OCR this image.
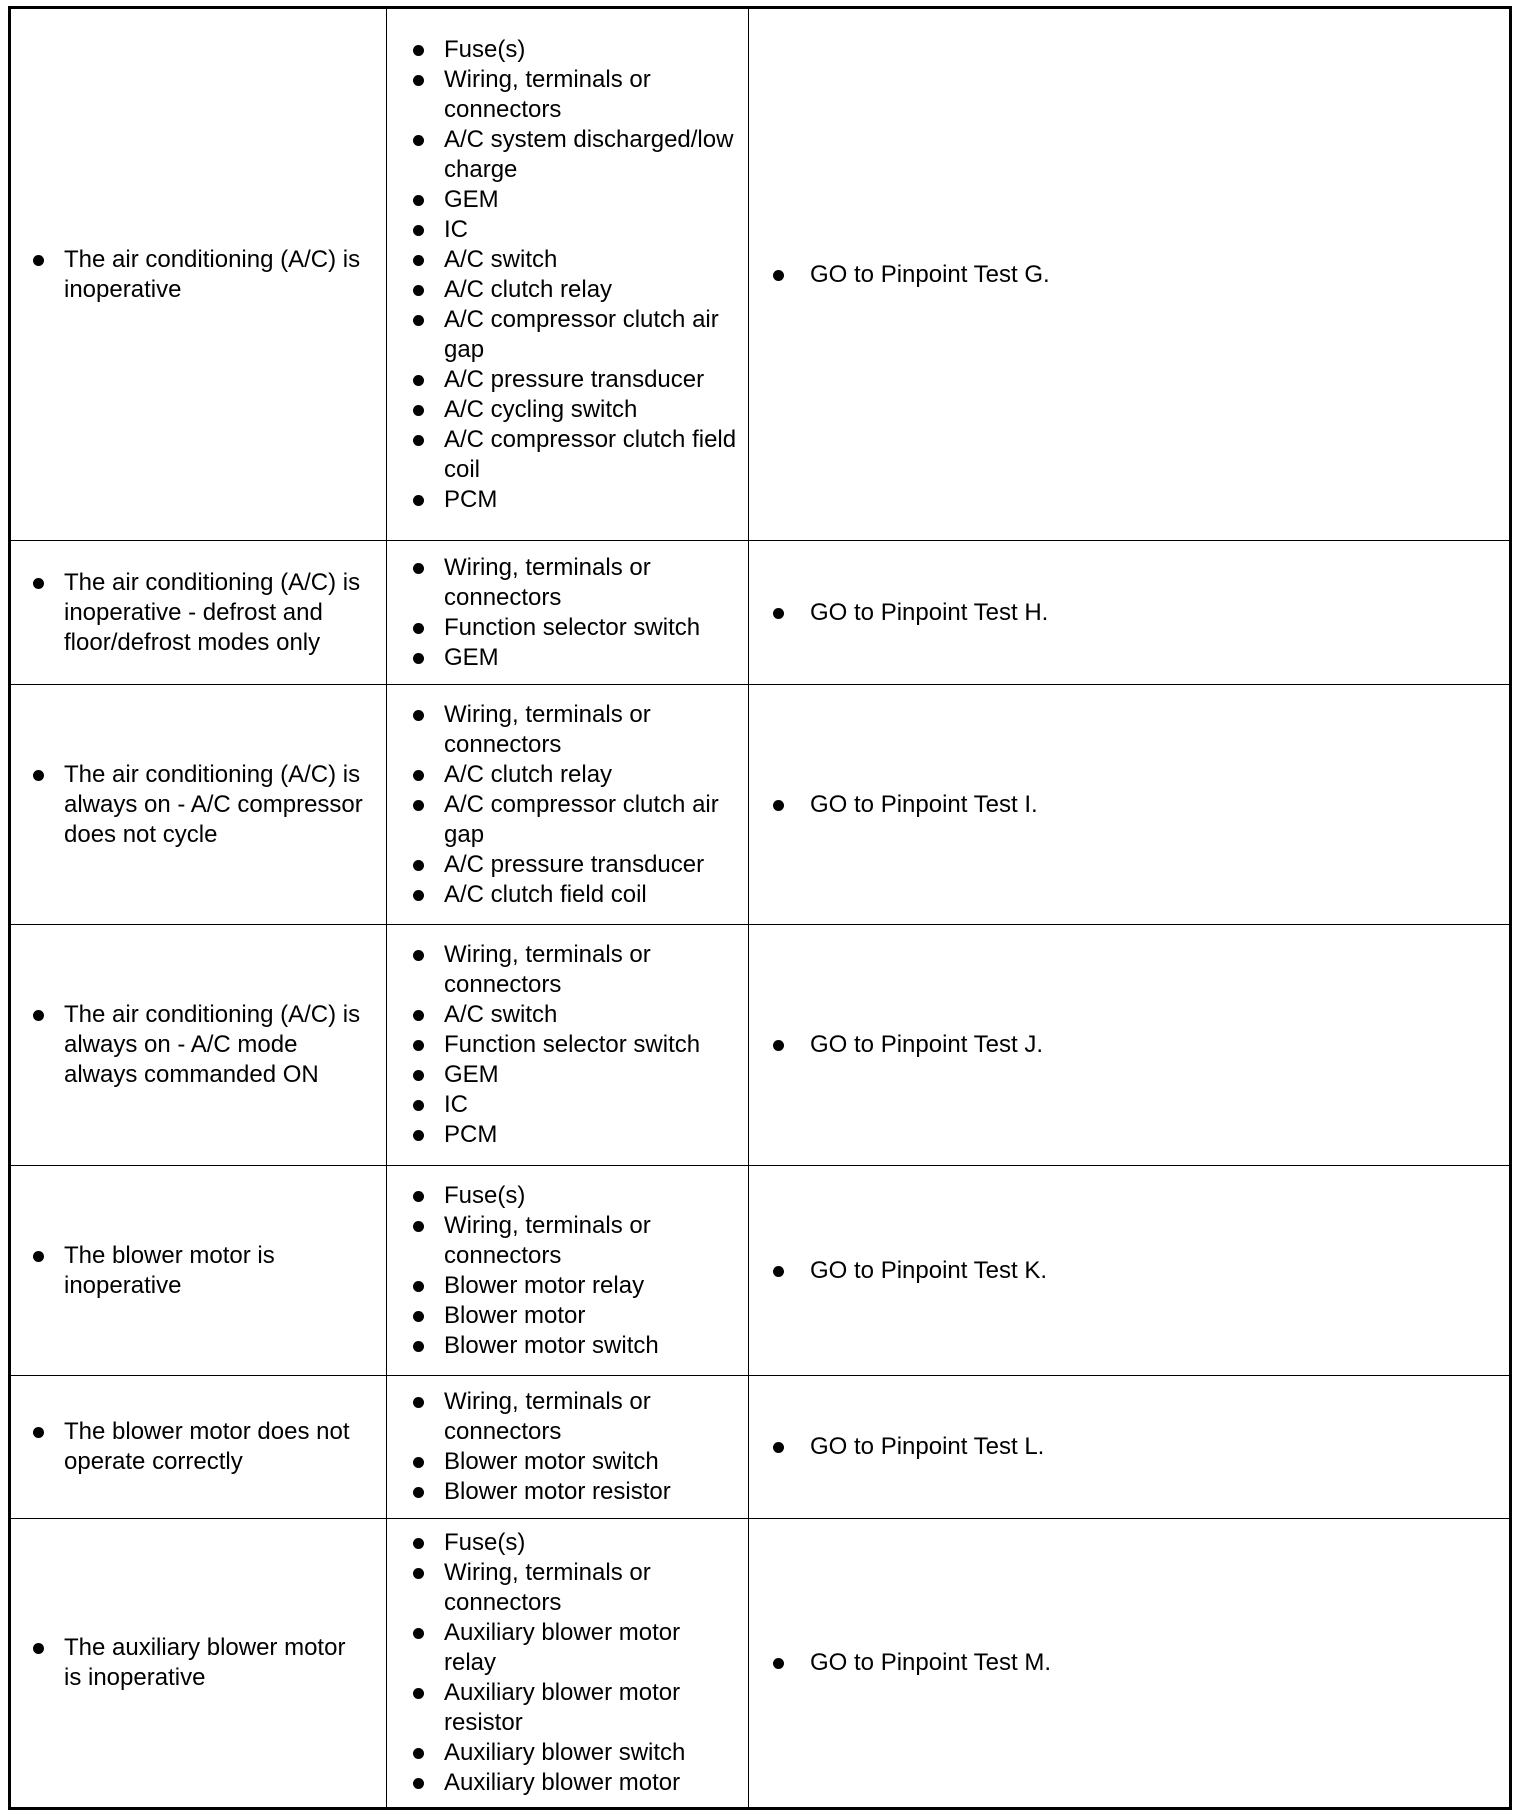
The air conditioning (A/C) is inoperative
Fuse(s)
Wiring, terminals or connectors
A/C system discharged/low charge
GEM
IC
A/C switch
A/C clutch relay
A/C compressor clutch air gap
A/C pressure transducer
A/C cycling switch
A/C compressor clutch field coil
PCM
GO to Pinpoint Test G.
The air conditioning (A/C) is inoperative - defrost and floor/defrost modes only
Wiring, terminals or connectors
Function selector switch
GEM
GO to Pinpoint Test H.
The air conditioning (A/C) is always on - A/C compressor does not cycle
Wiring, terminals or connectors
A/C clutch relay
A/C compressor clutch air gap
A/C pressure transducer
A/C clutch field coil
GO to Pinpoint Test I.
The air conditioning (A/C) is always on - A/C mode always commanded ON
Wiring, terminals or connectors
A/C switch
Function selector switch
GEM
IC
PCM
GO to Pinpoint Test J.
The blower motor is inoperative
Fuse(s)
Wiring, terminals or connectors
Blower motor relay
Blower motor
Blower motor switch
GO to Pinpoint Test K.
The blower motor does not operate correctly
Wiring, terminals or connectors
Blower motor switch
Blower motor resistor
GO to Pinpoint Test L.
The auxiliary blower motor is inoperative
Fuse(s)
Wiring, terminals or connectors
Auxiliary blower motor relay
Auxiliary blower motor resistor
Auxiliary blower switch
Auxiliary blower motor
GO to Pinpoint Test M.
